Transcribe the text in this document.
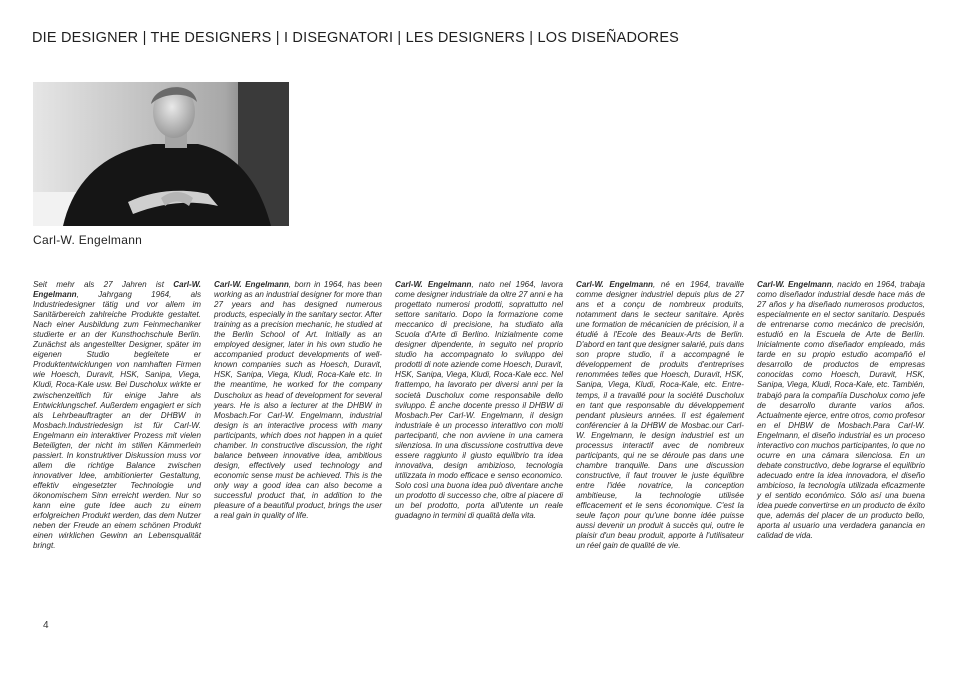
DIE DESIGNER | THE DESIGNERS | I DISEGNATORI | LES DESIGNERS | LOS DISEÑADORES
Carl-W. Engelmann
Seit mehr als 27 Jahren ist Carl-W. Engelmann, Jahrgang 1964, als Industriedesigner tätig und vor allem im Sanitärbereich zahlreiche Produkte gestaltet. Nach einer Ausbildung zum Feinmechaniker studierte er an der Kunsthochschule Berlin. Zunächst als angestellter Designer, später im eigenen Studio begleitete er Produktentwicklungen von namhaften Firmen wie Hoesch, Duravit, HSK, Sanipa, Viega, Kludi, Roca-Kale usw. Bei Duscholux wirkte er zwischenzeitlich für einige Jahre als Entwicklungschef. Außerdem engagiert er sich als Lehrbeauftragter an der DHBW in Mosbach.Industriedesign ist für Carl-W. Engelmann ein interaktiver Prozess mit vielen Beteiligten, der nicht im stillen Kämmerlein passiert. In konstruktiver Diskussion muss vor allem die richtige Balance zwischen innovativer Idee, ambitionierter Gestaltung, effektiv eingesetzter Technologie und ökonomischem Sinn erreicht werden. Nur so kann eine gute Idee auch zu einem erfolgreichen Produkt werden, das dem Nutzer neben der Freude an einem schönen Produkt einen wirklichen Gewinn an Lebensqualität bringt.
Carl-W. Engelmann, born in 1964, has been working as an industrial designer for more than 27 years and has designed numerous products, especially in the sanitary sector. After training as a precision mechanic, he studied at the Berlin School of Art. Initially as an employed designer, later in his own studio he accompanied product developments of well-known companies such as Hoesch, Duravit, HSK, Sanipa, Viega, Kludi, Roca-Kale etc. In the meantime, he worked for the company Duscholux as head of development for several years. He is also a lecturer at the DHBW in Mosbach.For Carl-W. Engelmann, industrial design is an interactive process with many participants, which does not happen in a quiet chamber. In constructive discussion, the right balance between innovative idea, ambitious design, effectively used technology and economic sense must be achieved. This is the only way a good idea can also become a successful product that, in addition to the pleasure of a beautiful product, brings the user a real gain in quality of life.
Carl-W. Engelmann, nato nel 1964, lavora come designer industriale da oltre 27 anni e ha progettato numerosi prodotti, soprattutto nel settore sanitario. Dopo la formazione come meccanico di precisione, ha studiato alla Scuola d'Arte di Berlino. Inizialmente come designer dipendente, in seguito nel proprio studio ha accompagnato lo sviluppo dei prodotti di note aziende come Hoesch, Duravit, HSK, Sanipa, Viega, Kludi, Roca-Kale ecc. Nel frattempo, ha lavorato per diversi anni per la società Duscholux come responsabile dello sviluppo. È anche docente presso il DHBW di Mosbach.Per Carl-W. Engelmann, il design industriale è un processo interattivo con molti partecipanti, che non avviene in una camera silenziosa. In una discussione costruttiva deve essere raggiunto il giusto equilibrio tra idea innovativa, design ambizioso, tecnologia utilizzata in modo efficace e senso economico. Solo così una buona idea può diventare anche un prodotto di successo che, oltre al piacere di un bel prodotto, porta all'utente un reale guadagno in termini di qualità della vita.
Carl-W. Engelmann, né en 1964, travaille comme designer industriel depuis plus de 27 ans et a conçu de nombreux produits, notamment dans le secteur sanitaire. Après une formation de mécanicien de précision, il a étudié à l'Ecole des Beaux-Arts de Berlin. D'abord en tant que designer salarié, puis dans son propre studio, il a accompagné le développement de produits d'entreprises renommées telles que Hoesch, Duravit, HSK, Sanipa, Viega, Kludi, Roca-Kale, etc. Entre-temps, il a travaillé pour la société Duscholux en tant que responsable du développement pendant plusieurs années. Il est également conférencier à la DHBW de Mosbac.our Carl-W. Engelmann, le design industriel est un processus interactif avec de nombreux participants, qui ne se déroule pas dans une chambre tranquille. Dans une discussion constructive, il faut trouver le juste équilibre entre l'idée novatrice, la conception ambitieuse, la technologie utilisée efficacement et le sens économique. C'est la seule façon pour qu'une bonne idée puisse aussi devenir un produit à succès qui, outre le plaisir d'un beau produit, apporte à l'utilisateur un réel gain de qualité de vie.
Carl-W. Engelmann, nacido en 1964, trabaja como diseñador industrial desde hace más de 27 años y ha diseñado numerosos productos, especialmente en el sector sanitario. Después de entrenarse como mecánico de precisión, estudió en la Escuela de Arte de Berlín. Inicialmente como diseñador empleado, más tarde en su propio estudio acompañó el desarrollo de productos de empresas conocidas como Hoesch, Duravit, HSK, Sanipa, Viega, Kludi, Roca-Kale, etc. También, trabajó para la compañía Duscholux como jefe de desarrollo durante varios años. Actualmente ejerce, entre otros, como profesor en el DHBW de Mosbach.Para Carl-W. Engelmann, el diseño industrial es un proceso interactivo con muchos participantes, lo que no ocurre en una cámara silenciosa. En un debate constructivo, debe lograrse el equilibrio adecuado entre la idea innovadora, el diseño ambicioso, la tecnología utilizada eficazmente y el sentido económico. Sólo así una buena idea puede convertirse en un producto de éxito que, además del placer de un producto bello, aporta al usuario una verdadera ganancia en calidad de vida.
4
